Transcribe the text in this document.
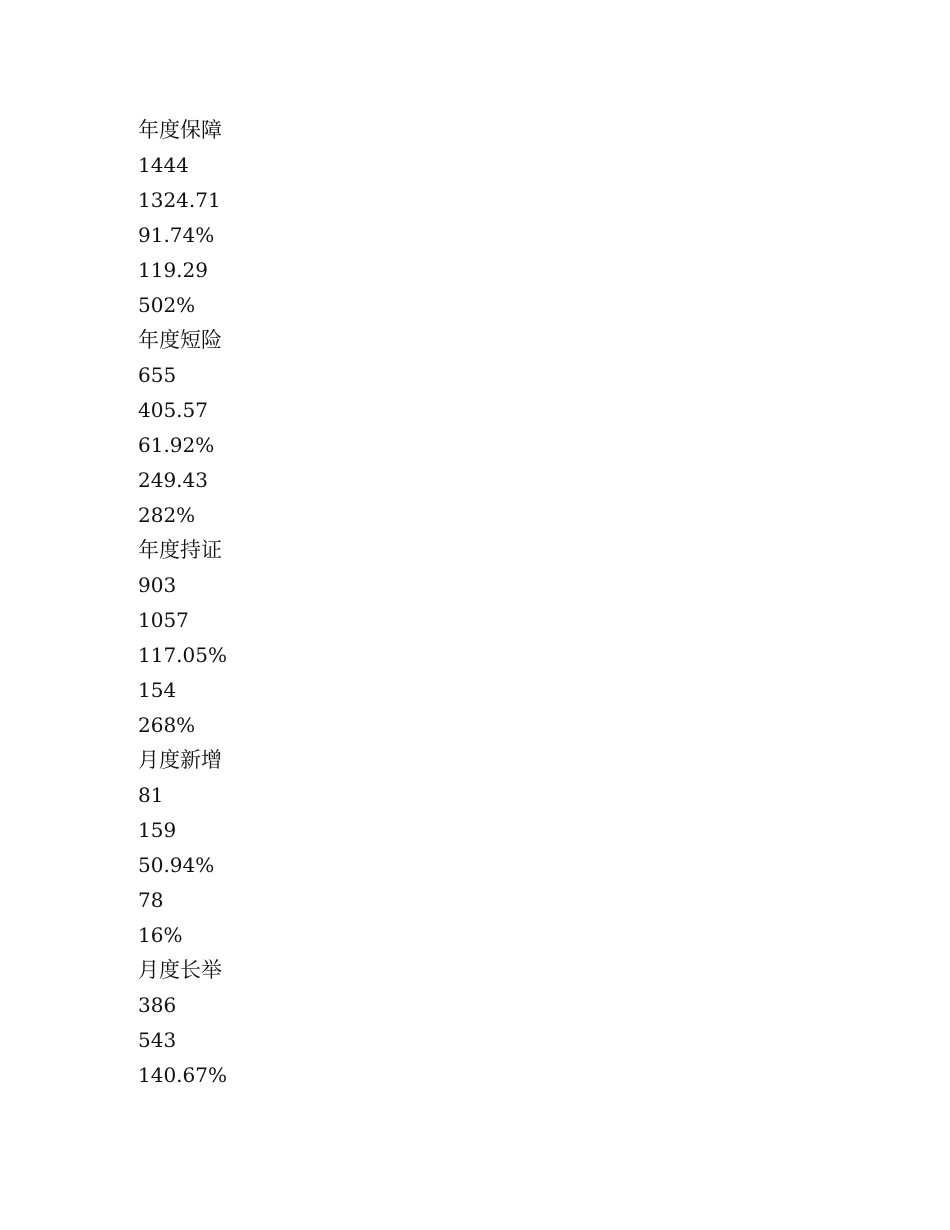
年度保障
1444
1324.71
91.74%
119.29
502%
年度短险
655
405.57
61.92%
249.43
282%
年度持证
903
1057
117.05%
154
268%
月度新增
81
159
50.94%
78
16%
月度长举
386
543
140.67%
